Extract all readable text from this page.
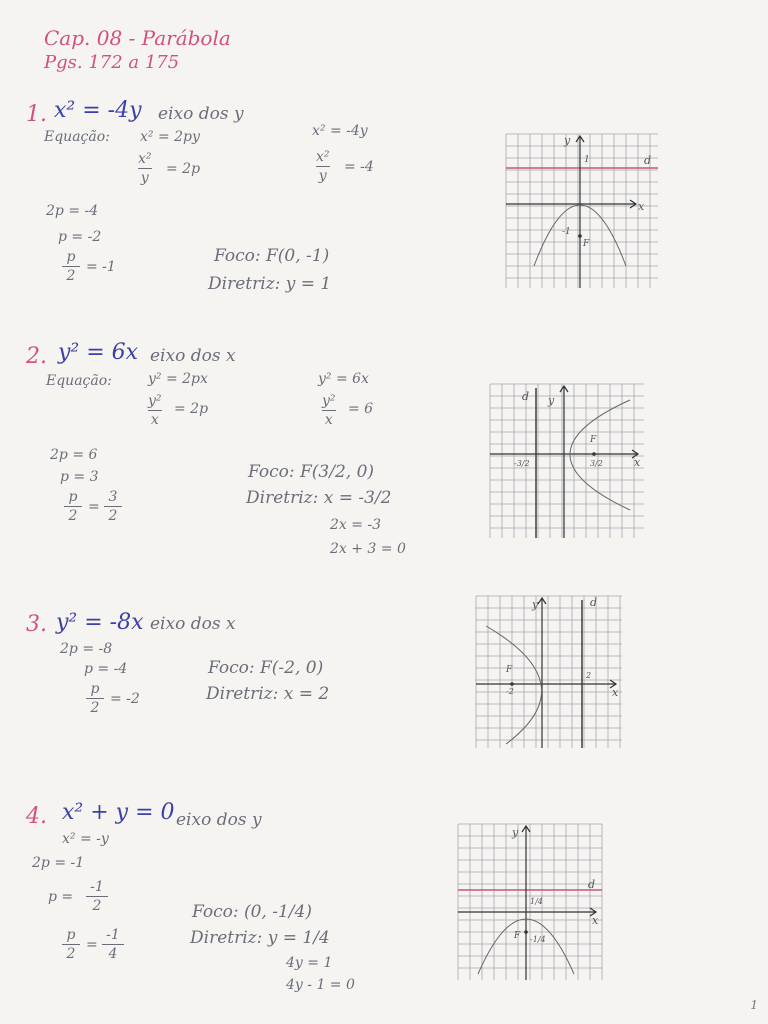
Cap. 08 - Parábola
Pgs. 172 a 175
1. x² = -4y eixo dos y
Equação: x² = 2py
x²
y
= 2p
x² = -4y
x²
y
= -4
2p = -4
p = -2
p
2
= -1
Foco: F(0, -1)
Diretriz: y = 1
y
x
d
1
-1
F
2. y² = 6x eixo dos x
Equação:	y² = 2px
y²
x
= 2p
y² = 6x
y²
x
= 6
2p = 6
p = 3
p
2
=
3
2
Foco: F(3/2, 0)
Diretriz: x = -3/2
2x = -3
2x + 3 = 0
d y
x
F
3/2
-3/2
3. y² = -8x eixo dos x
2p = -8
p = -4
p
2
= -2
Foco: F(-2, 0)
Diretriz: x = 2
y	d
x
F
-2
2
4. x² + y = 0 eixo dos y
x² = -y
2p = -1
p =
-1
2
p
2
=
-1
4
Foco: (0, -1/4)
Diretriz: y = 1/4
4y = 1
4y - 1 = 0
y
d
x
1/4
F -1/4
1
